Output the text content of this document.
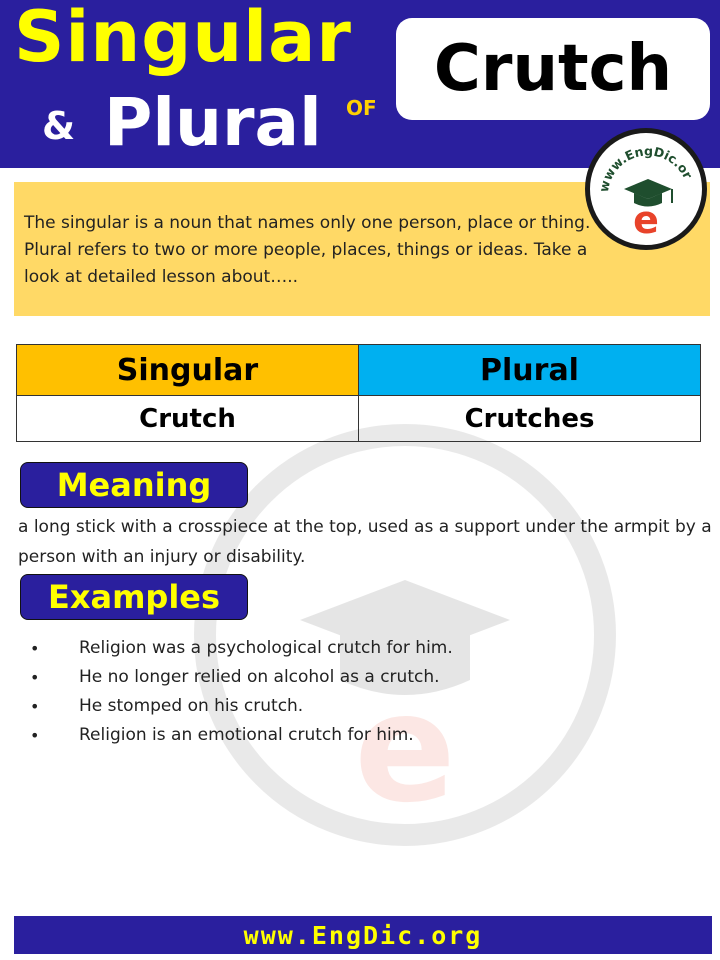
e
Singular
& Plural OF
Crutch
www.EngDic.or
e

The singular is a noun that names only one person, place or thing. Plural refers to two or more people, places, things or ideas. Take a look at detailed lesson about…..

Singular	Plural
Crutch	Crutches
Meaning

a long stick with a crosspiece at the top, used as a support under the armpit by a person with an injury or disability.

Examples
• Religion was a psychological crutch for him.
• He no longer relied on alcohol as a crutch.
• He stomped on his crutch.
• Religion is an emotional crutch for him.
www.EngDic.org
